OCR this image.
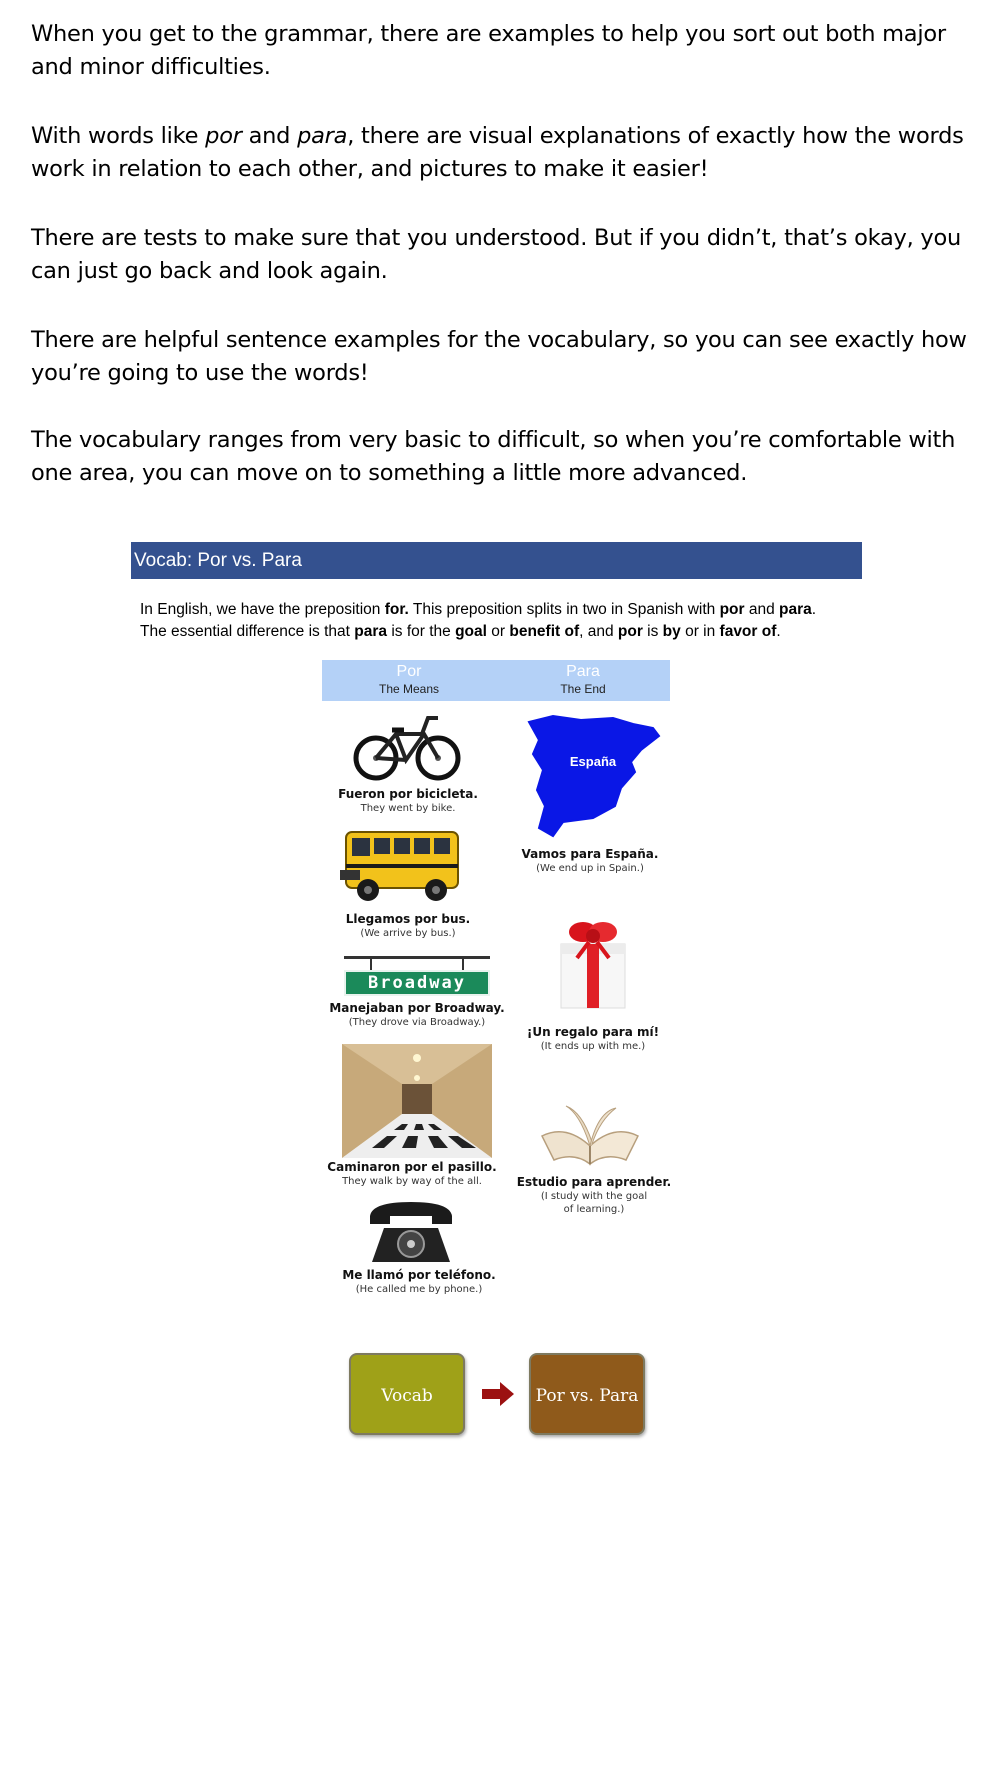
When you get to the grammar, there are examples to help you sort out both major and minor difficulties.

With words like por and para, there are visual explanations of exactly how the words work in relation to each other, and pictures to make it easier!

There are tests to make sure that you understood. But if you didn’t, that’s okay, you can just go back and look again.

There are helpful sentence examples for the vocabulary, so you can see exactly how you’re going to use the words!

The vocabulary ranges from very basic to difficult, so when you’re comfortable with one area, you can move on to something a little more advanced.

Vocab: Por vs. Para
In English, we have the preposition for. This preposition splits in two in Spanish with por and para.
The essential difference is that para is for the goal or benefit of, and por is by or in favor of.
Por
The Means
Para
The End
Fueron por bicicleta.
They went by bike.
Llegamos por bus.
(We arrive by bus.)
Broadway
Manejaban por Broadway.
(They drove via Broadway.)
Caminaron por el pasillo.
They walk by way of the all.
Me llamó por teléfono.
(He called me by phone.)
España
Vamos para España.
(We end up in Spain.)
¡Un regalo para mí!
(It ends up with me.)
Estudio para aprender.
(I study with the goal
of learning.)
Vocab	Por vs. Para
